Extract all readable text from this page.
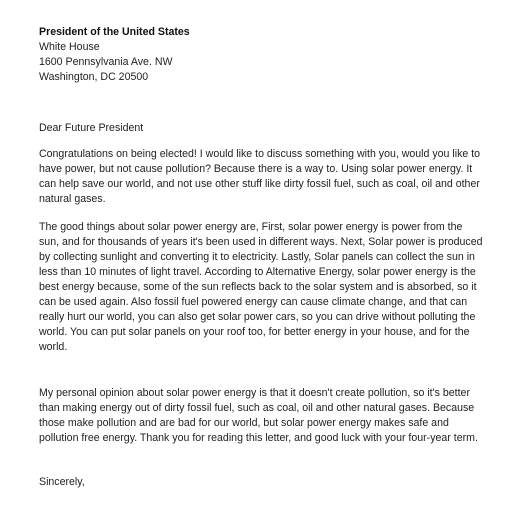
President of the United States
White House
1600 Pennsylvania Ave. NW
Washington, DC 20500
Dear Future President

Congratulations on being elected! I would like to discuss something with you, would you like to have power, but not cause pollution? Because there is a way to. Using solar power energy. It can help save our world, and not use other stuff like dirty fossil fuel, such as coal, oil and other natural gases.

The good things about solar power energy are, First, solar power energy is power from the sun, and for thousands of years it's been used in different ways. Next, Solar power is produced by collecting sunlight and converting it to electricity. Lastly, Solar panels can collect the sun in less than 10 minutes of light travel. According to Alternative Energy, solar power energy is the best energy because, some of the sun reflects back to the solar system and is absorbed, so it can be used again. Also fossil fuel powered energy can cause climate change, and that can really hurt our world, you can also get solar power cars, so you can drive without polluting the world. You can put solar panels on your roof too, for better energy in your house, and for the world.

My personal opinion about solar power energy is that it doesn't create pollution, so it's better than making energy out of dirty fossil fuel, such as coal, oil and other natural gases. Because those make pollution and are bad for our world, but solar power energy makes safe and pollution free energy. Thank you for reading this letter, and good luck with your four-year term.

Sincerely,
